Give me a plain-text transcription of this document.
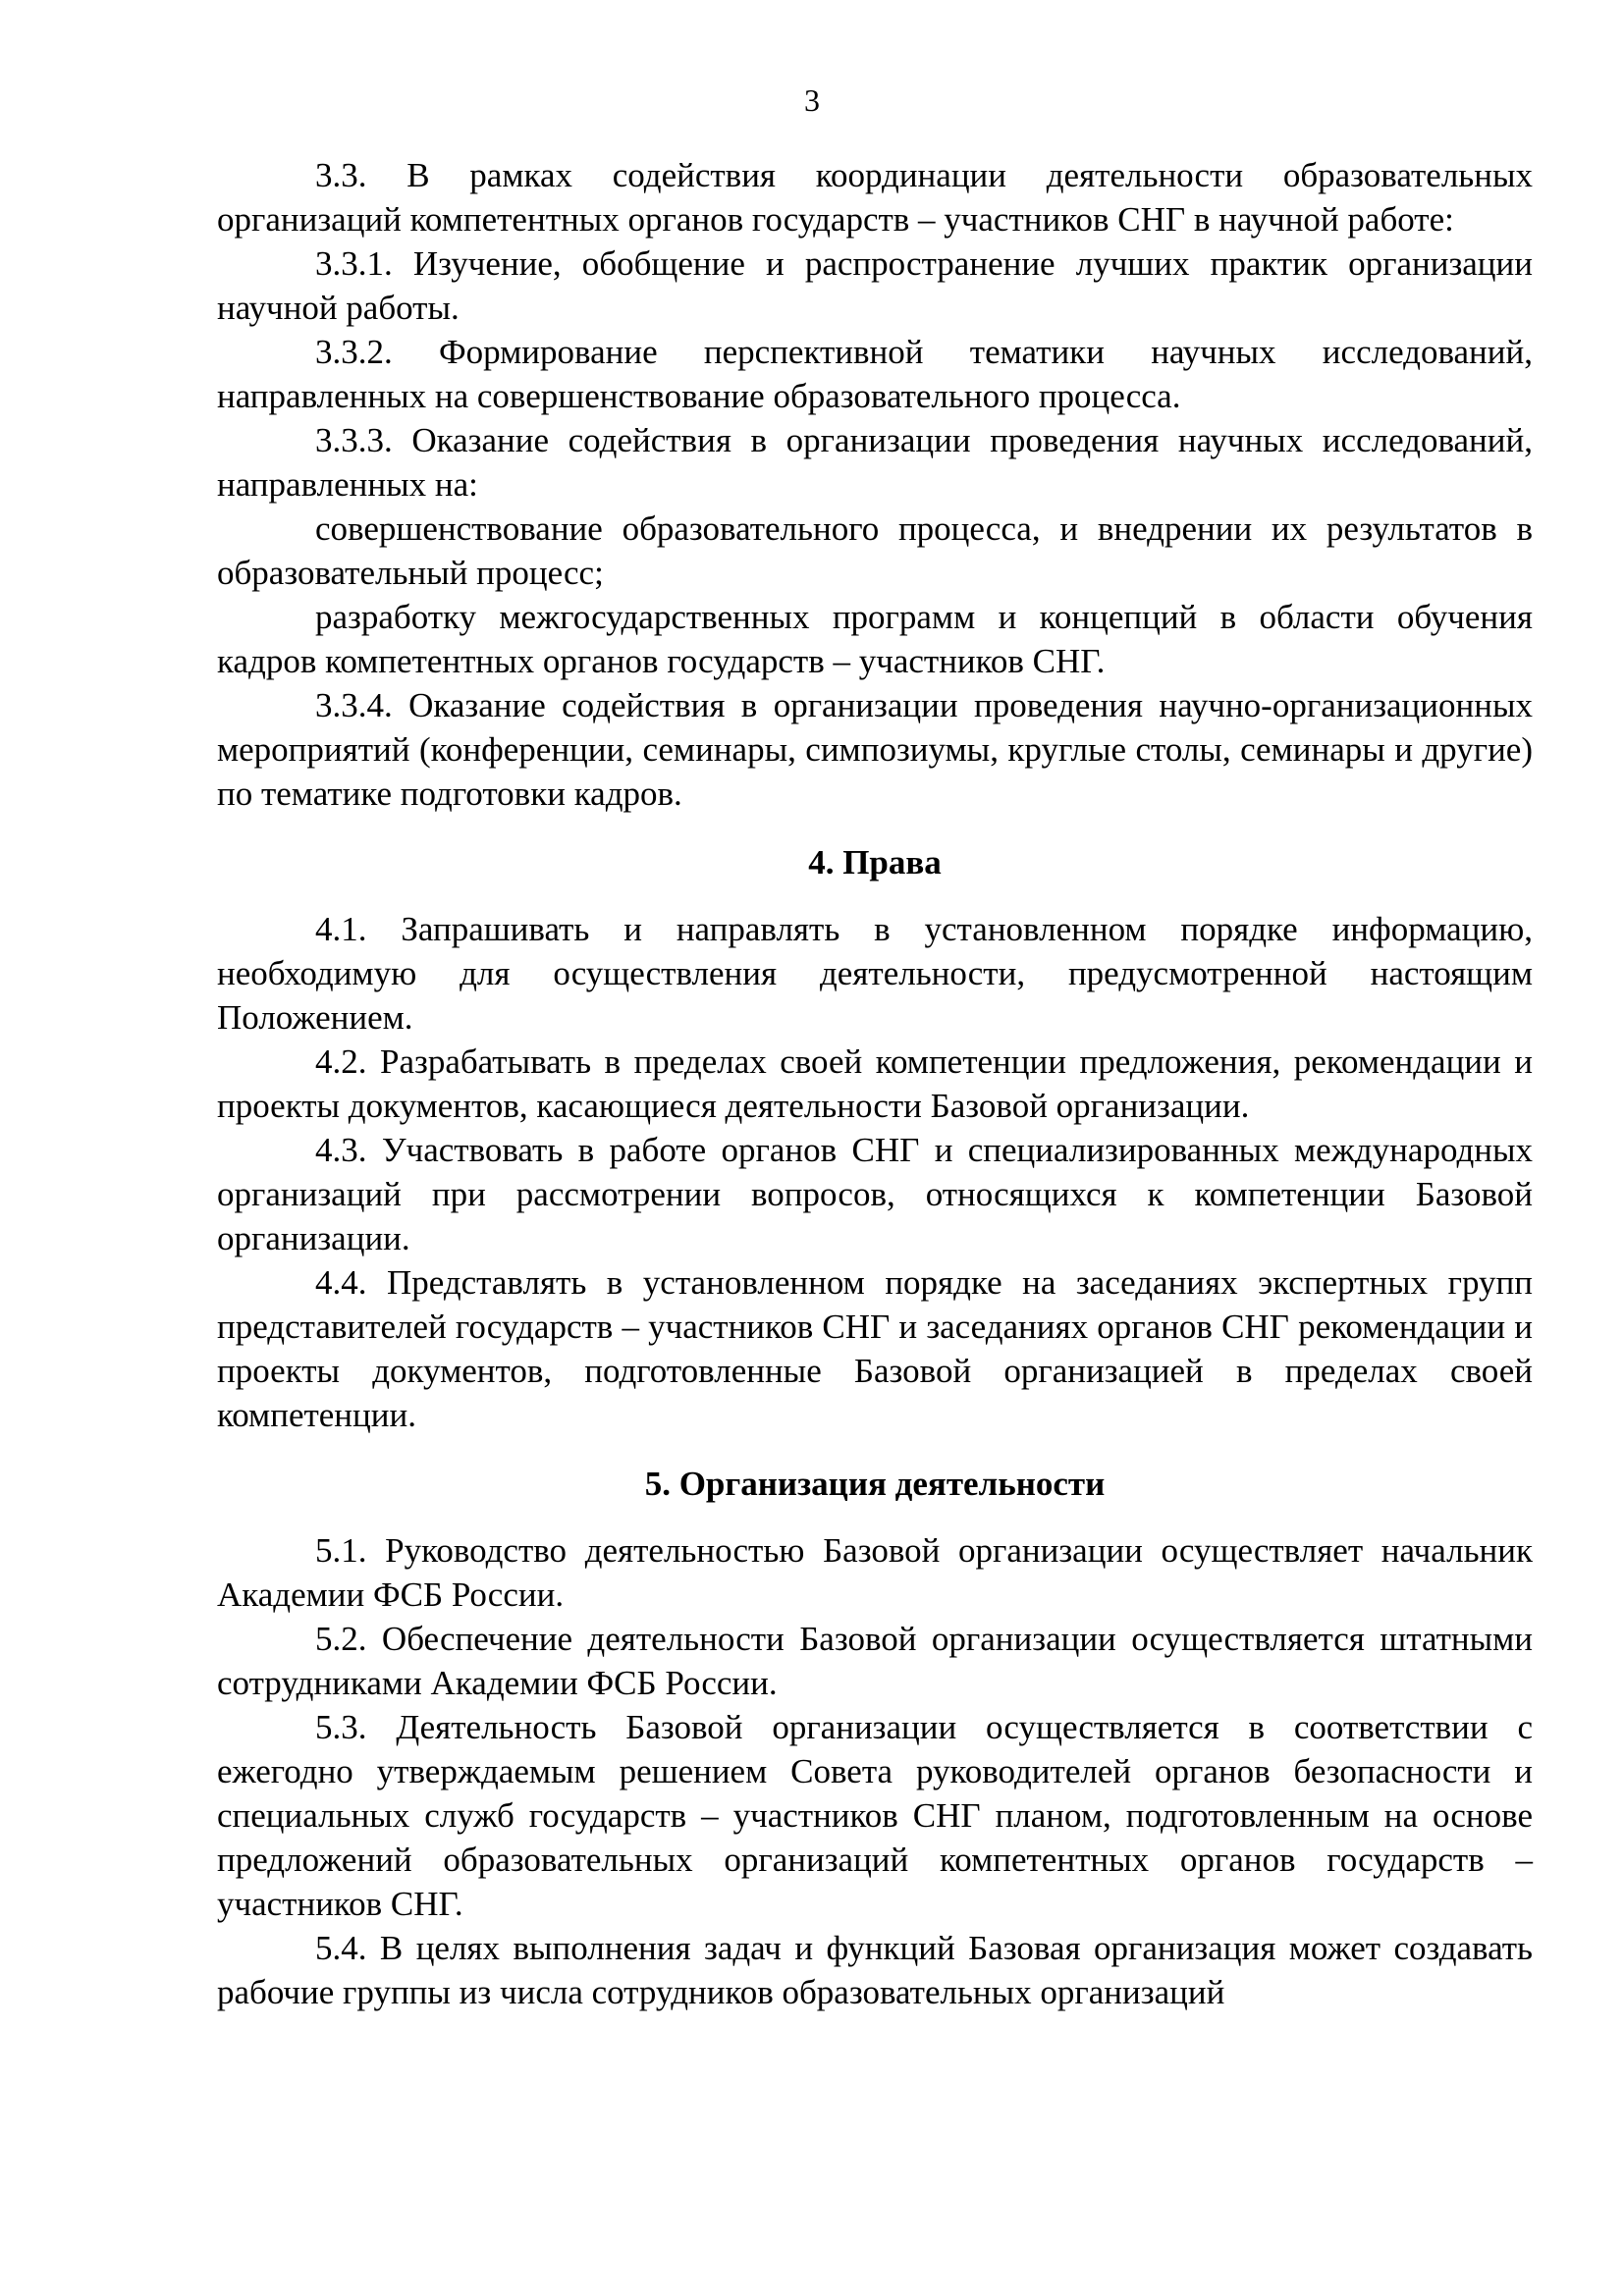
3

3.3. В рамках содействия координации деятельности образовательных организаций компетентных органов государств – участников СНГ в научной работе:

3.3.1. Изучение, обобщение и распространение лучших практик организации научной работы.

3.3.2. Формирование перспективной тематики научных исследований, направленных на совершенствование образовательного процесса.

3.3.3. Оказание содействия в организации проведения научных исследований, направленных на:

совершенствование образовательного процесса, и внедрении их результатов в образовательный процесс;

разработку межгосударственных программ и концепций в области обучения кадров компетентных органов государств – участников СНГ.

3.3.4. Оказание содействия в организации проведения научно-организационных мероприятий (конференции, семинары, симпозиумы, круглые столы, семинары и другие) по тематике подготовки кадров.

4. Права

4.1. Запрашивать и направлять в установленном порядке информацию, необходимую для осуществления деятельности, предусмотренной настоящим Положением.

4.2. Разрабатывать в пределах своей компетенции предложения, рекомендации и проекты документов, касающиеся деятельности Базовой организации.

4.3. Участвовать в работе органов СНГ и специализированных международных организаций при рассмотрении вопросов, относящихся к компетенции Базовой организации.

4.4. Представлять в установленном порядке на заседаниях экспертных групп представителей государств – участников СНГ и заседаниях органов СНГ рекомендации и проекты документов, подготовленные Базовой организацией в пределах своей компетенции.

5. Организация деятельности

5.1. Руководство деятельностью Базовой организации осуществляет начальник Академии ФСБ России.

5.2. Обеспечение деятельности Базовой организации осуществляется штатными сотрудниками Академии ФСБ России.

5.3. Деятельность Базовой организации осуществляется в соответствии с ежегодно утверждаемым решением Совета руководителей органов безопасности и специальных служб государств – участников СНГ планом, подготовленным на основе предложений образовательных организаций компетентных органов государств – участников СНГ.

5.4. В целях выполнения задач и функций Базовая организация может создавать рабочие группы из числа сотрудников образовательных организаций
